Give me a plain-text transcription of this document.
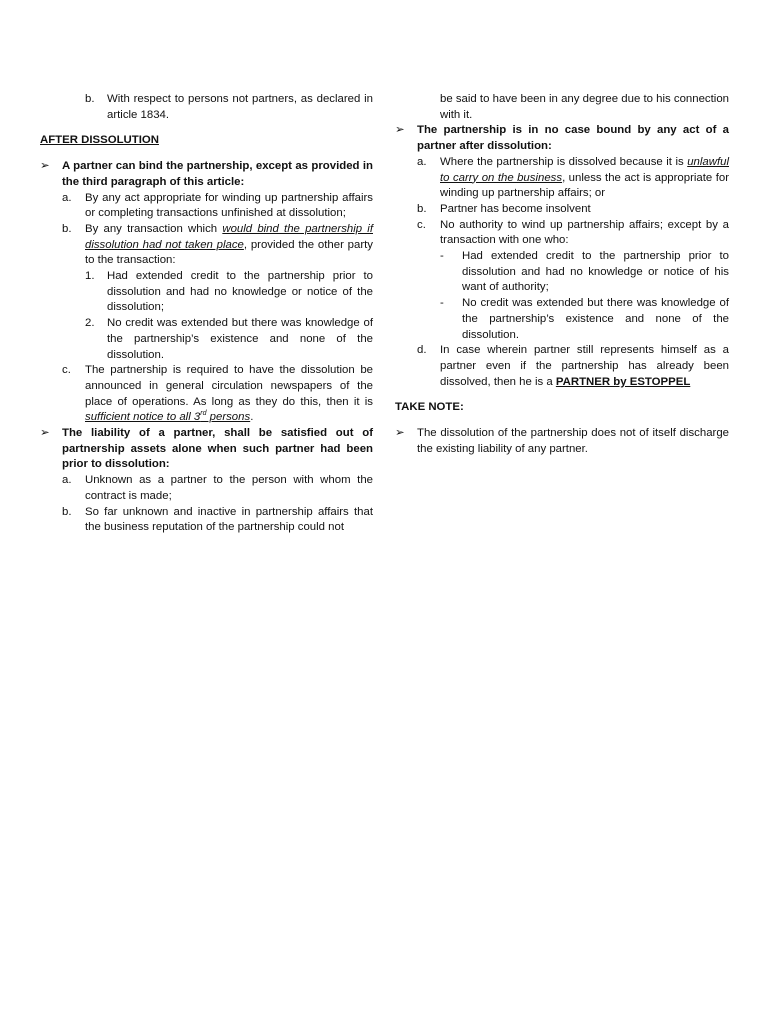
b. With respect to persons not partners, as declared in article 1834.

AFTER DISSOLUTION

➢	A partner can bind the partnership, except as provided in the third paragraph of this article:

a. By any act appropriate for winding up partnership affairs or completing transactions unfinished at dissolution;

b. By any transaction which would bind the partnership if dissolution had not taken place, provided the other party to the transaction:

1. Had extended credit to the partnership prior to dissolution and had no knowledge or notice of the dissolution;

2. No credit was extended but there was knowledge of the partnership’s existence and none of the dissolution.

c. The partnership is required to have the dissolution be announced in general circulation newspapers of the place of operations. As long as they do this, then it is sufficient notice to all 3rd persons.

➢	The liability of a partner, shall be satisfied out of partnership assets alone when such partner had been prior to dissolution:

a. Unknown as a partner to the person with whom the contract is made;

b. So far unknown and inactive in partnership affairs that the business reputation of the partnership could not

be said to have been in any degree due to his connection with it.

➢	The partnership is in no case bound by any act of a partner after dissolution:

a. Where the partnership is dissolved because it is unlawful to carry on the business, unless the act is appropriate for winding up partnership affairs; or

b. Partner has become insolvent

c. No authority to wind up partnership affairs; except by a transaction with one who:

- Had extended credit to the partnership prior to dissolution and had no knowledge or notice of his want of authority;

- No credit was extended but there was knowledge of the partnership’s existence and none of the dissolution.

d. In case wherein partner still represents himself as a partner even if the partnership has already been dissolved, then he is a PARTNER by ESTOPPEL

TAKE NOTE:

➢	The dissolution of the partnership does not of itself discharge the existing liability of any partner.
